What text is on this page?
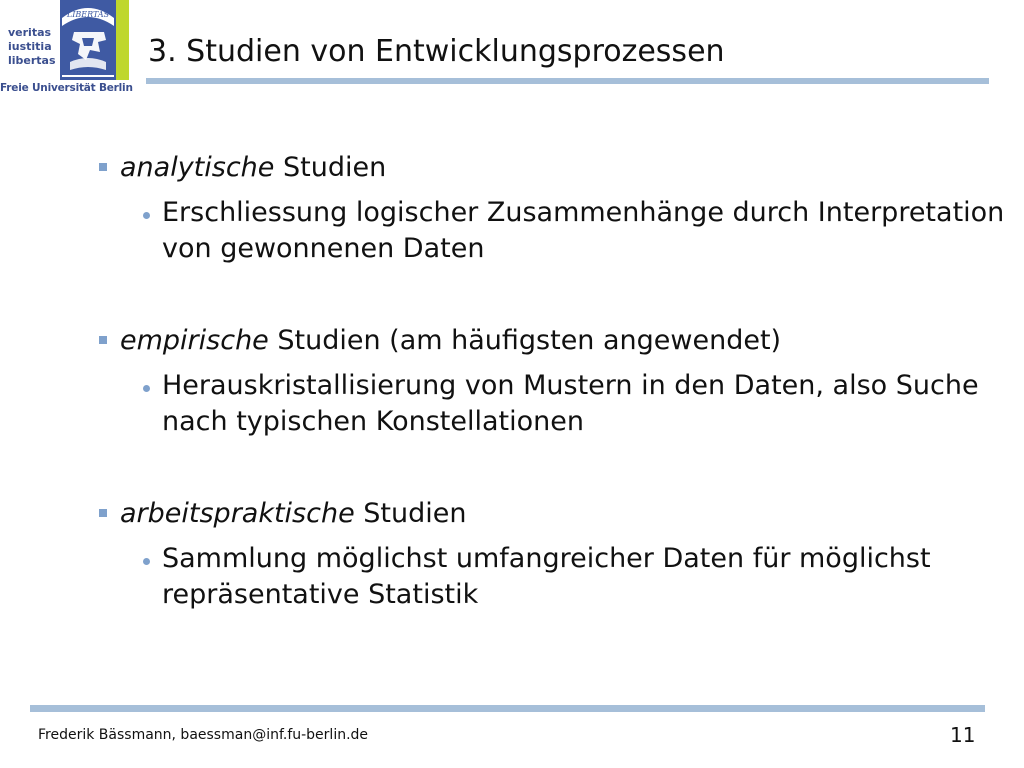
veritas
iustitia
libertas
LIBERTAS
Freie Universität Berlin
3. Studien von Entwicklungsprozessen
analytische Studien
Erschliessung logischer Zusammenhänge durch Interpretation von gewonnenen Daten
empirische Studien (am häufigsten angewendet)
Herauskristallisierung von Mustern in den Daten, also Suche nach typischen Konstellationen
arbeitspraktische Studien
Sammlung möglichst umfangreicher Daten für möglichst repräsentative Statistik
Frederik Bässmann, baessman@inf.fu-berlin.de	11
